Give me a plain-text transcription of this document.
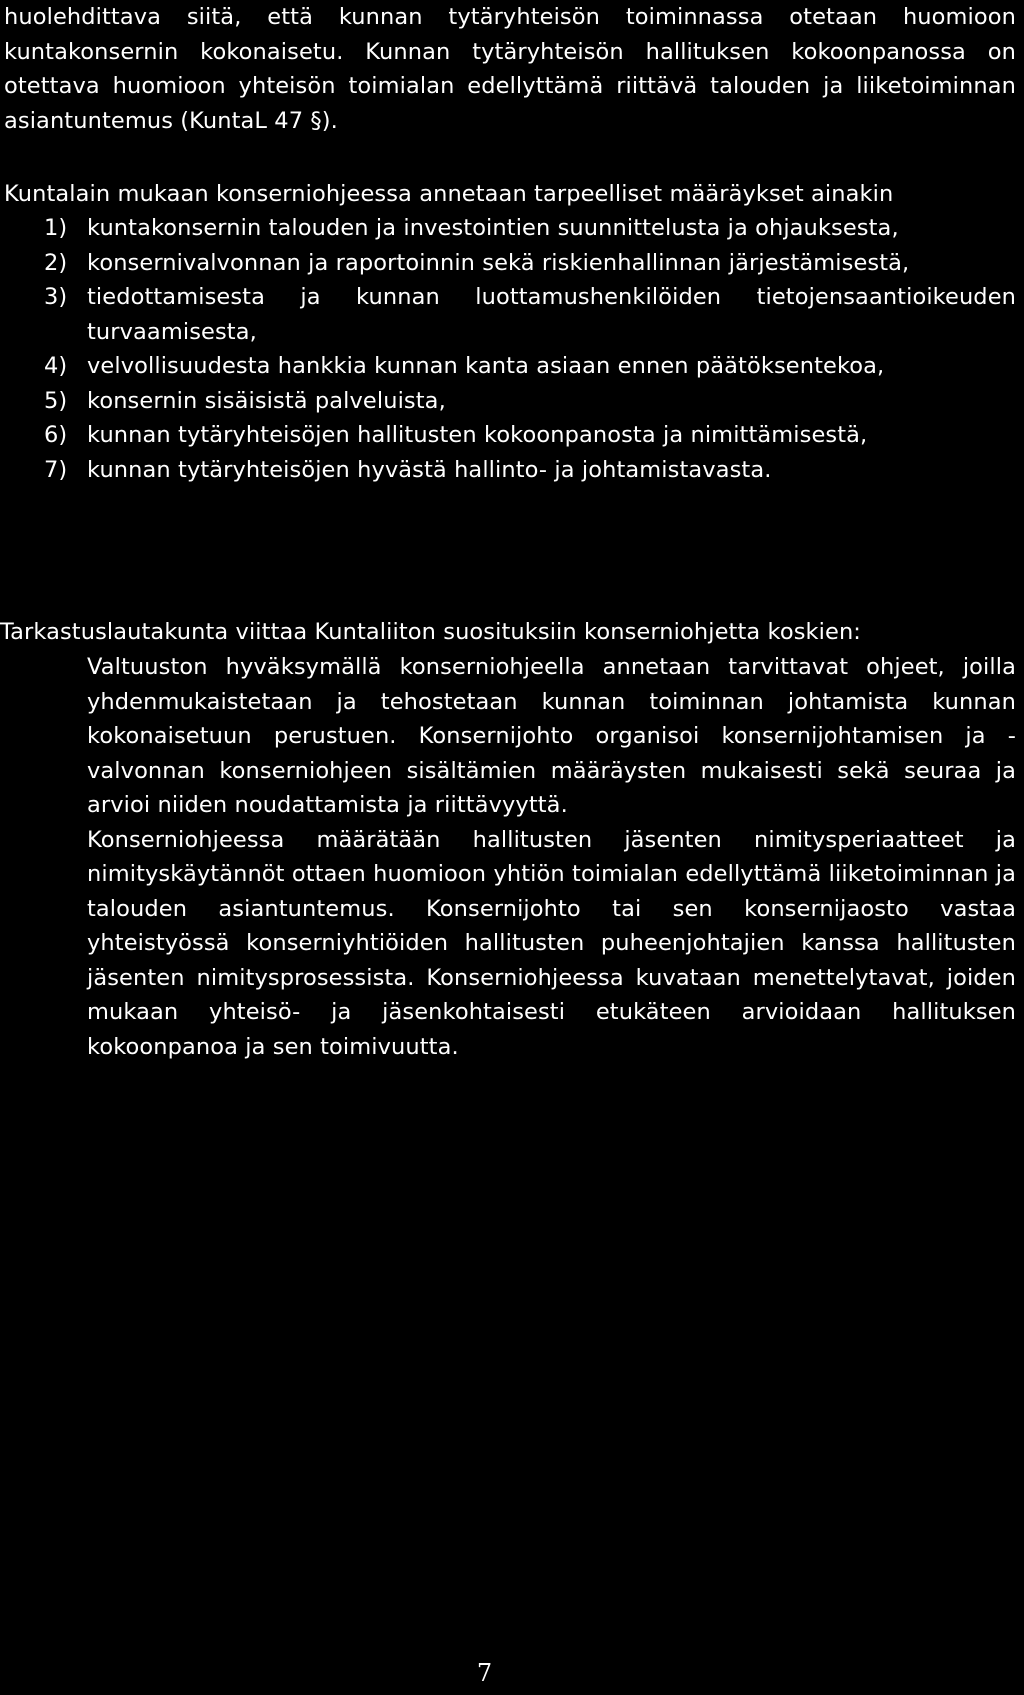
huolehdittava siitä, että kunnan tytäryhteisön toiminnassa otetaan huomioon kuntakonsernin kokonaisetu. Kunnan tytäryhteisön hallituksen kokoonpanossa on otettava huomioon yhteisön toimialan edellyttämä riittävä talouden ja liiketoiminnan asiantuntemus (KuntaL 47 §).

Kuntalain mukaan konserniohjeessa annetaan tarpeelliset määräykset ainakin

1) kuntakonsernin talouden ja investointien suunnittelusta ja ohjauksesta,
2) konsernivalvonnan ja raportoinnin sekä riskienhallinnan järjestämisestä,
3) tiedottamisesta ja kunnan luottamushenkilöiden tietojensaantioikeuden turvaamisesta,
4) velvollisuudesta hankkia kunnan kanta asiaan ennen päätöksentekoa,
5) konsernin sisäisistä palveluista,
6) kunnan tytäryhteisöjen hallitusten kokoonpanosta ja nimittämisestä,
7) kunnan tytäryhteisöjen hyvästä hallinto- ja johtamistavasta.

Tarkastuslautakunta viittaa Kuntaliiton suosituksiin konserniohjetta koskien:

Valtuuston hyväksymällä konserniohjeella annetaan tarvittavat ohjeet, joilla yhdenmukaistetaan ja tehostetaan kunnan toiminnan johtamista kunnan kokonaisetuun perustuen. Konsernijohto organisoi konsernijohtamisen ja -valvonnan konserniohjeen sisältämien määräysten mukaisesti sekä seuraa ja arvioi niiden noudattamista ja riittävyyttä.

Konserniohjeessa määrätään hallitusten jäsenten nimitysperiaatteet ja nimityskäytännöt ottaen huomioon yhtiön toimialan edellyttämä liiketoiminnan ja talouden asiantuntemus. Konsernijohto tai sen konsernijaosto vastaa yhteistyössä konserniyhtiöiden hallitusten puheenjohtajien kanssa hallitusten jäsenten nimitysprosessista. Konserniohjeessa kuvataan menettelytavat, joiden mukaan yhteisö- ja jäsenkohtaisesti etukäteen arvioidaan hallituksen kokoonpanoa ja sen toimivuutta.

7
